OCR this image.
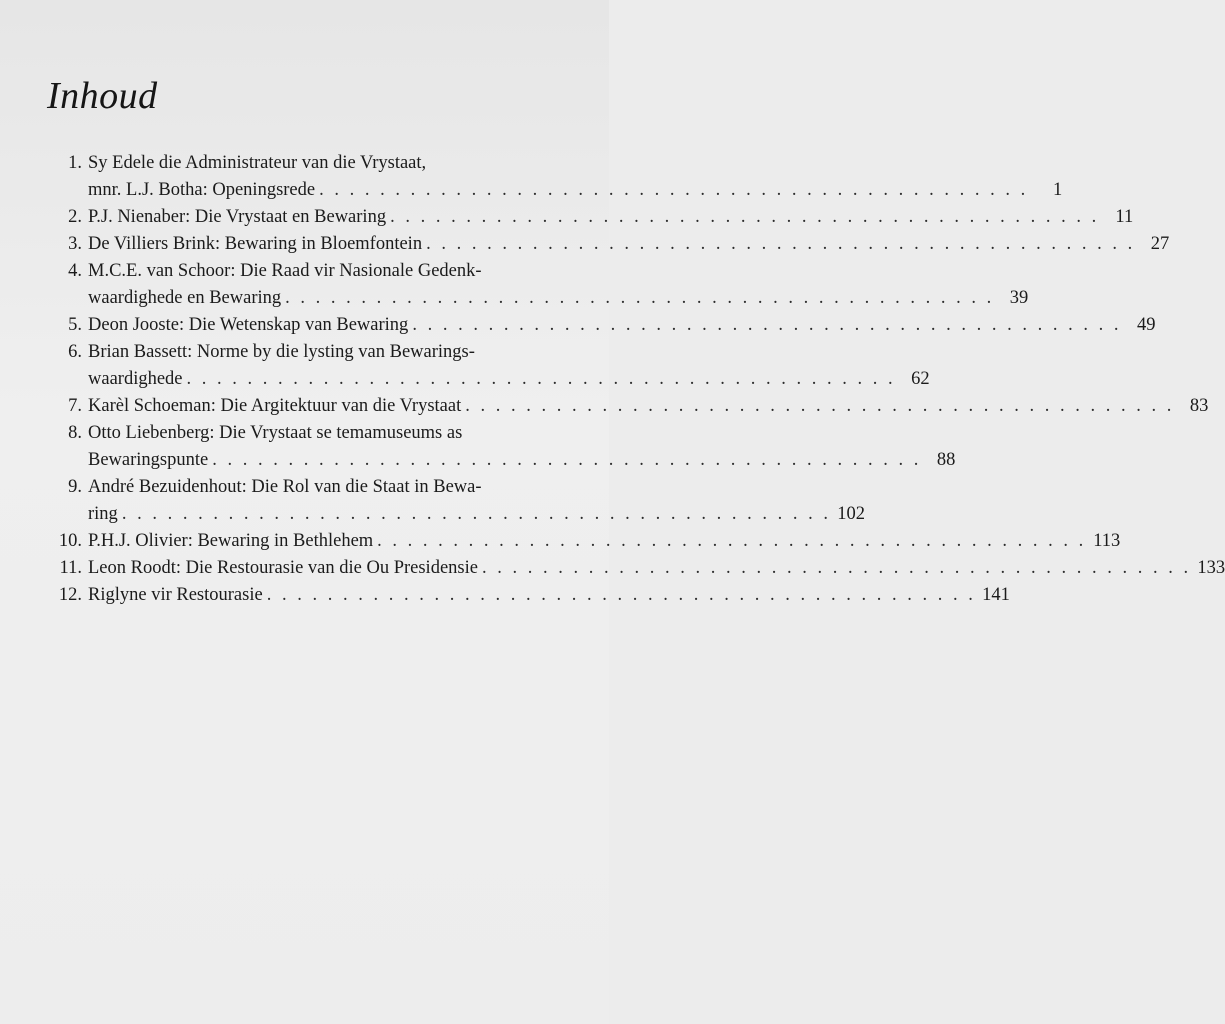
Inhoud
1. Sy Edele die Administrateur van die Vrystaat,
mnr. L.J. Botha: Openingsrede . . . . . . . . . . . . . . . . . . . . . . . . . . . . . . . . . . . . . . . . . . . . . . .	1
2. P.J. Nienaber: Die Vrystaat en Bewaring . . . . . . . . . . . . . . . . . . . . . . . . . . . . . . . . . . . . . . . . . . . . . . . 11
3. De Villiers Brink: Bewaring in Bloemfontein . . . . . . . . . . . . . . . . . . . . . . . . . . . . . . . . . . . . . . . . . . . . . . . 27
4. M.C.E. van Schoor: Die Raad vir Nasionale Gedenk-
waardighede en Bewaring . . . . . . . . . . . . . . . . . . . . . . . . . . . . . . . . . . . . . . . . . . . . . . . 39
5. Deon Jooste: Die Wetenskap van Bewaring . . . . . . . . . . . . . . . . . . . . . . . . . . . . . . . . . . . . . . . . . . . . . . . 49
6. Brian Bassett: Norme by die lysting van Bewarings-
waardighede . . . . . . . . . . . . . . . . . . . . . . . . . . . . . . . . . . . . . . . . . . . . . . . 62
7. Karèl Schoeman: Die Argitektuur van die Vrystaat . . . . . . . . . . . . . . . . . . . . . . . . . . . . . . . . . . . . . . . . . . . . . . . 83
8. Otto Liebenberg: Die Vrystaat se temamuseums as
Bewaringspunte . . . . . . . . . . . . . . . . . . . . . . . . . . . . . . . . . . . . . . . . . . . . . . . 88
9. André Bezuidenhout: Die Rol van die Staat in Bewa-
ring . . . . . . . . . . . . . . . . . . . . . . . . . . . . . . . . . . . . . . . . . . . . . . . 102
10. P.H.J. Olivier: Bewaring in Bethlehem . . . . . . . . . . . . . . . . . . . . . . . . . . . . . . . . . . . . . . . . . . . . . . . 113
11. Leon Roodt: Die Restourasie van die Ou Presidensie . . . . . . . . . . . . . . . . . . . . . . . . . . . . . . . . . . . . . . . . . . . . . . . 133
12. Riglyne vir Restourasie . . . . . . . . . . . . . . . . . . . . . . . . . . . . . . . . . . . . . . . . . . . . . . . 141
